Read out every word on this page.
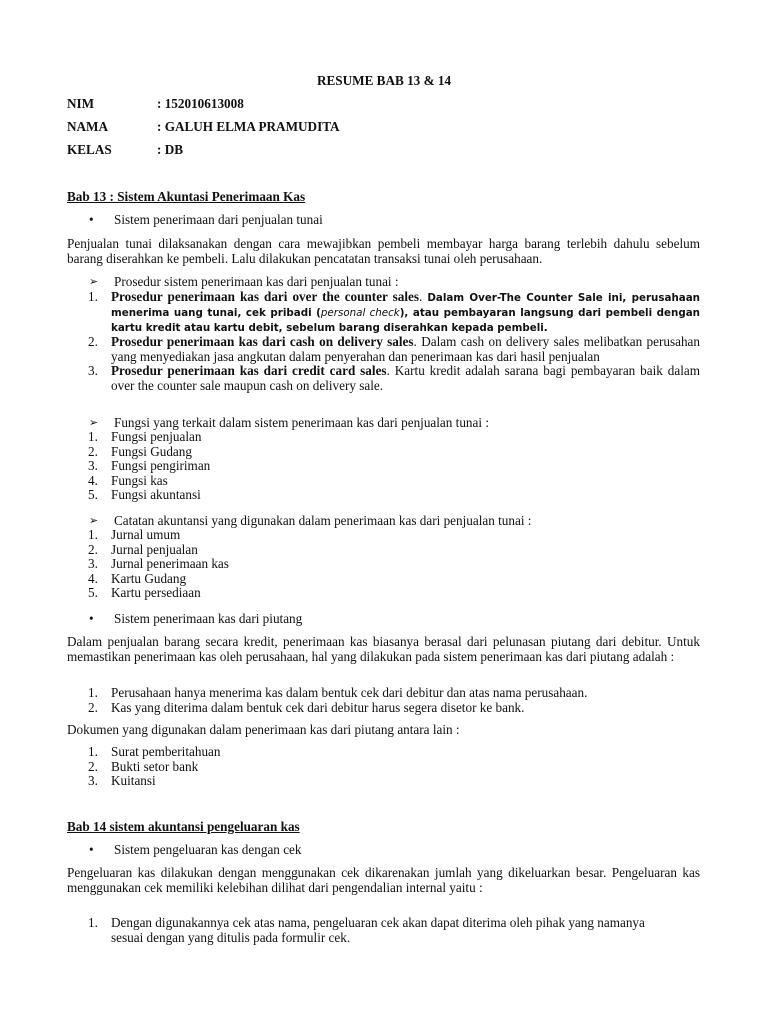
RESUME BAB 13 & 14
NIM	: 152010613008
NAMA	: GALUH ELMA PRAMUDITA
KELAS	: DB
Bab 13 : Sistem Akuntasi Penerimaan Kas
Sistem penerimaan dari penjualan tunai
Penjualan tunai dilaksanakan dengan cara mewajibkan pembeli membayar harga barang terlebih dahulu sebelum barang diserahkan ke pembeli. Lalu dilakukan pencatatan transaksi tunai oleh perusahaan.
➢ Prosedur sistem penerimaan kas dari penjualan tunai :
1. Prosedur penerimaan kas dari over the counter sales. Dalam Over-The Counter Sale ini, perusahaan menerima uang tunai, cek pribadi (personal check), atau pembayaran langsung dari pembeli dengan kartu kredit atau kartu debit, sebelum barang diserahkan kepada pembeli.
2. Prosedur penerimaan kas dari cash on delivery sales. Dalam cash on delivery sales melibatkan perusahan yang menyediakan jasa angkutan dalam penyerahan dan penerimaan kas dari hasil penjualan
3. Prosedur penerimaan kas dari credit card sales. Kartu kredit adalah sarana bagi pembayaran baik dalam over the counter sale maupun cash on delivery sale.
➢ Fungsi yang terkait dalam sistem penerimaan kas dari penjualan tunai :
1. Fungsi penjualan
2. Fungsi Gudang
3. Fungsi pengiriman
4. Fungsi kas
5. Fungsi akuntansi
➢ Catatan akuntansi yang digunakan dalam penerimaan kas dari penjualan tunai :
1. Jurnal umum
2. Jurnal penjualan
3. Jurnal penerimaan kas
4. Kartu Gudang
5. Kartu persediaan
Sistem penerimaan kas dari piutang
Dalam penjualan barang secara kredit, penerimaan kas biasanya berasal dari pelunasan piutang dari debitur. Untuk memastikan penerimaan kas oleh perusahaan, hal yang dilakukan pada sistem penerimaan kas dari piutang adalah :
1. Perusahaan hanya menerima kas dalam bentuk cek dari debitur dan atas nama perusahaan.
2. Kas yang diterima dalam bentuk cek dari debitur harus segera disetor ke bank.
Dokumen yang digunakan dalam penerimaan kas dari piutang antara lain :
1. Surat pemberitahuan
2. Bukti setor bank
3. Kuitansi
Bab 14 sistem akuntansi pengeluaran kas
Sistem pengeluaran kas dengan cek
Pengeluaran kas dilakukan dengan menggunakan cek dikarenakan jumlah yang dikeluarkan besar. Pengeluaran kas menggunakan cek memiliki kelebihan dilihat dari pengendalian internal yaitu :
1. Dengan digunakannya cek atas nama, pengeluaran cek akan dapat diterima oleh pihak yang namanya sesuai dengan yang ditulis pada formulir cek.
